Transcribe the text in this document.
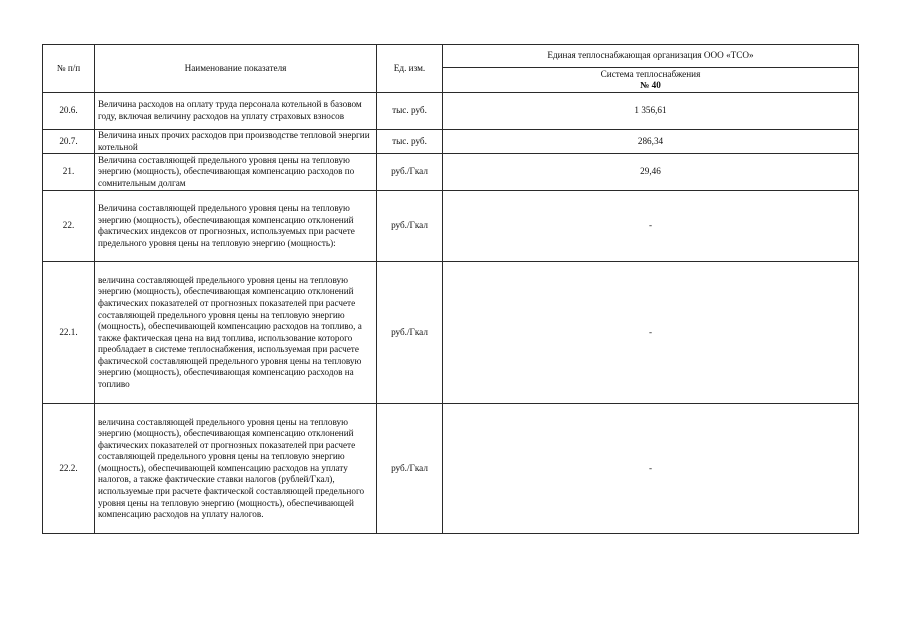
№ п/п	Наименование показателя	Ед. изм.	Единая теплоснабжающая организация ООО «ТСО»

			Система теплоснабжения
№ 40

20.6.	Величина расходов на оплату труда персонала котельной в базовом году, включая величину расходов на уплату страховых взносов	тыс. руб.	1 356,61
20.7.	Величина иных прочих расходов при производстве тепловой энергии котельной	тыс. руб.	286,34
21.	Величина составляющей предельного уровня цены на тепловую энергию (мощность), обеспечивающая компенсацию расходов по сомнительным долгам	руб./Гкал	29,46
22.	Величина составляющей предельного уровня цены на тепловую энергию (мощность), обеспечивающая компенсацию отклонений фактических индексов от прогнозных, используемых при расчете предельного уровня цены на тепловую энергию (мощность):	руб./Гкал	-
22.1.	величина составляющей предельного уровня цены на тепловую энергию (мощность), обеспечивающая компенсацию отклонений фактических показателей от прогнозных показателей при расчете составляющей предельного уровня цены на тепловую энергию (мощность), обеспечивающей компенсацию расходов на топливо, а также фактическая цена на вид топлива, использование которого преобладает в системе теплоснабжения, используемая при расчете фактической составляющей предельного уровня цены на тепловую энергию (мощность), обеспечивающая компенсацию расходов на топливо	руб./Гкал	-
22.2.	величина составляющей предельного уровня цены на тепловую энергию (мощность), обеспечивающая компенсацию отклонений фактических показателей от прогнозных показателей при расчете составляющей предельного уровня цены на тепловую энергию (мощность), обеспечивающей компенсацию расходов на уплату налогов, а также фактические ставки налогов (рублей/Гкал), используемые при расчете фактической составляющей предельного уровня цены на тепловую энергию (мощность), обеспечивающей компенсацию расходов на уплату налогов.	руб./Гкал	-
